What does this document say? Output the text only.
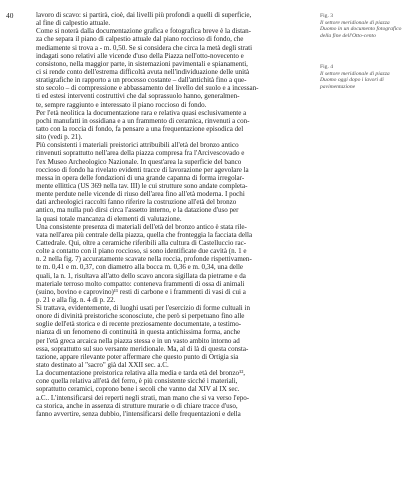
40	lavoro di scavo: si partirà, cioè, dai livelli più profondi a quelli di superficie,

al fine di calpestio attuale.

Come si noterà dalla documentazione grafica e fotografica breve è la distan-

za che separa il piano di calpestio attuale dal piano roccioso di fondo, che

mediamente si trova a - m. 0,50. Se si considera che circa la metà degli strati

indagati sono relativi alle vicende d'uso della Piazza nell'otto-novecento e

consistono, nella maggior parte, in sistemazioni pavimentali e spianamenti,

ci si rende conto dell'estrema difficoltà avuta nell'individuazione delle unità

stratigrafiche in rapporto a un processo costante – dall'antichità fino a que-

sto secolo – di compressione e abbassamento del livello del suolo e a incessan-

ti ed estesi interventi costruttivi che dal soprassuolo hanno, generalmen-

te, sempre raggiunto e interessato il piano roccioso di fondo.

Per l'età neolitica la documentazione rara e relativa quasi esclusivamente a

pochi manufatti in ossidiana e a un frammento di ceramica, rinvenuti a con-

tatto con la roccia di fondo, fa pensare a una frequentazione episodica del

sito (vedi p. 21).

Più consistenti i materiali preistorici attribuibili all'età del bronzo antico

rinvenuti soprattutto nell'area della piazza compresa fra l'Arcivescovado e

l'ex Museo Archeologico Nazionale. In quest'area la superficie del banco

roccioso di fondo ha rivelato evidenti tracce di lavorazione per agevolare la

messa in opera delle fondazioni di una grande capanna di forma irregolar-

mente ellittica (US 369 nella tav. III) le cui strutture sono andate completa-

mente perdute nelle vicende di riuso dell'area fino all'età moderna. I pochi

dati archeologici raccolti fanno riferire la costruzione all'età del bronzo

antico, ma nulla può dirsi circa l'assetto interno, e la datazione d'uso per

la quasi totale mancanza di elementi di valutazione.

Una consistente presenza di materiali dell'età del bronzo antico è stata rile-

vata nell'area più centrale della piazza, quella che fronteggia la facciata della

Cattedrale. Qui, oltre a ceramiche riferibili alla cultura di Castelluccio rac-

colte a contatto con il piano roccioso, si sono identificate due cavità (n. 1 e

n. 2 nella fig. 7) accuratamente scavate nella roccia, profonde rispettivamen-

te m. 0,41 e m. 0,37, con diametro alla bocca m. 0,36 e m. 0,34, una delle

quali, la n. 1, risultava all'atto dello scavo ancora sigillata da pietrame e da

materiale terroso molto compatto: conteneva frammenti di ossa di animali

(suino, bovino e caprovino)¹¹ resti di carbone e i frammenti di vasi di cui a

p. 21 e alla fig. n. 4 di p. 22.

Si trattava, evidentemente, di luoghi usati per l'esercizio di forme cultuali in

onore di divinità preistoriche sconosciute, che però si perpetuano fino alle

soglie dell'età storica e di recente preziosamente documentate, a testimo-

nianza di un fenomeno di continuità in questa antichissima forma, anche

per l'età greca arcaica nella piazza stessa e in un vasto ambito intorno ad

essa, soprattutto sul suo versante meridionale. Ma, al di là di questa consta-

tazione, appare rilevante poter affermare che questo punto di Ortigia sia

stato destinato al "sacro" già dal XXII sec. a.C.

La documentazione preistorica relativa alla media e tarda età del bronzo¹²,

cone quella relativa all'età del ferro, è più consistente sicché i materiali,

soprattutto ceramici, coprono bene i secoli che vanno dal XIV al IX sec.

a.C.. L'intensificarsi dei reperti negli strati, man mano che si va verso l'epo-

ca storica, anche in assenza di strutture murarie o di chiare tracce d'uso,

fanno avvertire, senza dubbio, l'intensificarsi delle frequentazioni e della

Fig. 3
Il settore meridionale di piazza Duomo in un documento fotografico della fine dell'Otto-cento
Fig. 4
Il settore meridionale di piazza Duomo oggi dopo i lavori di pavimentazione
